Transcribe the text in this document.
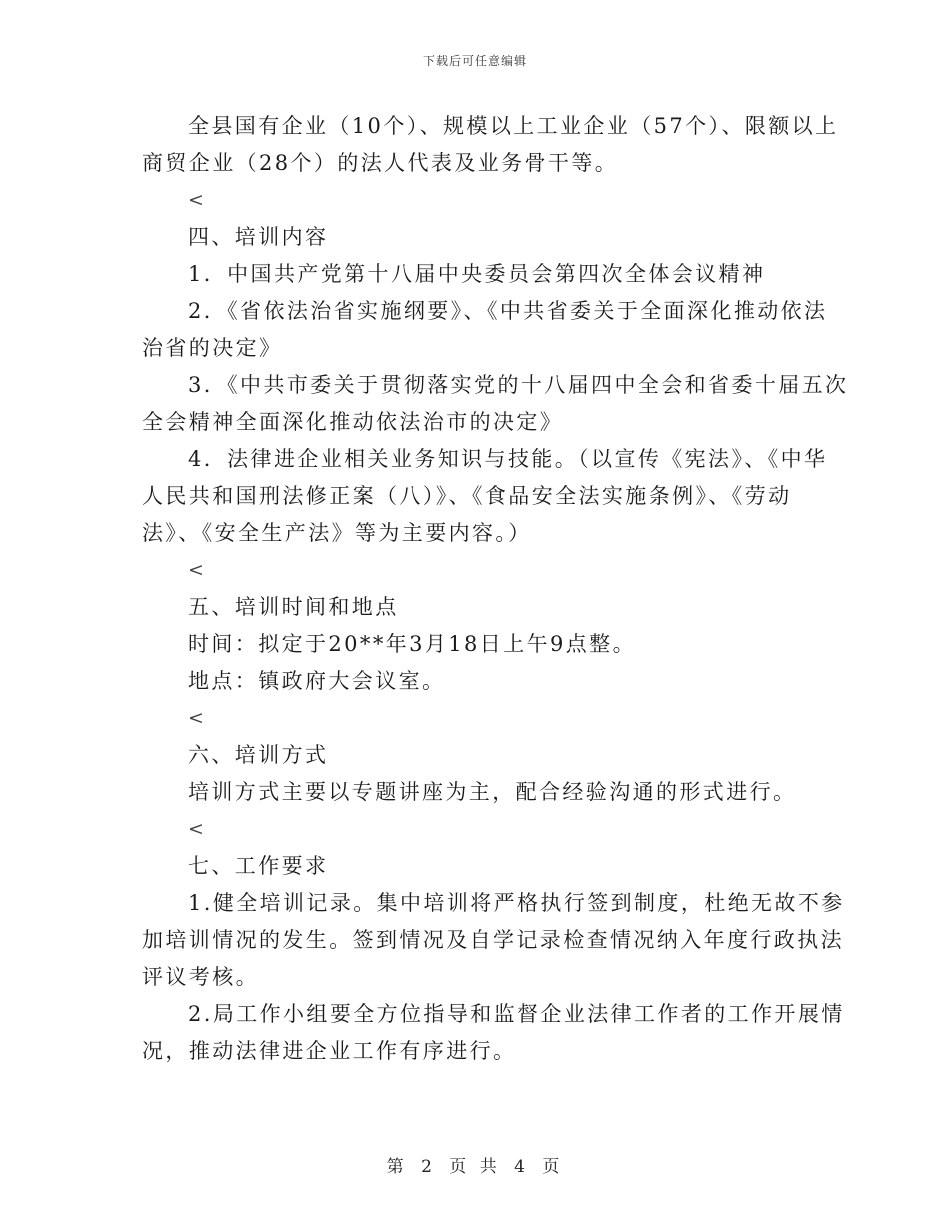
下载后可任意编辑
全县国有企业（10个）、规模以上工业企业（57个）、限额以上
商贸企业（28个）的法人代表及业务骨干等。
<
四、培训内容
1．中国共产党第十八届中央委员会第四次全体会议精神
2．《省依法治省实施纲要》、《中共省委关于全面深化推动依法
治省的决定》
3．《中共市委关于贯彻落实党的十八届四中全会和省委十届五次
全会精神全面深化推动依法治市的决定》
4．法律进企业相关业务知识与技能。（以宣传《宪法》、《中华
人民共和国刑法修正案（八）》、《食品安全法实施条例》、《劳动
法》、《安全生产法》等为主要内容。）
<
五、培训时间和地点
时间：拟定于20**年3月18日上午9点整。
地点：镇政府大会议室。
<
六、培训方式
培训方式主要以专题讲座为主，配合经验沟通的形式进行。
<
七、工作要求
1.健全培训记录。集中培训将严格执行签到制度，杜绝无故不参
加培训情况的发生。签到情况及自学记录检查情况纳入年度行政执法
评议考核。
2.局工作小组要全方位指导和监督企业法律工作者的工作开展情
况，推动法律进企业工作有序进行。
第 2 页 共 4 页
